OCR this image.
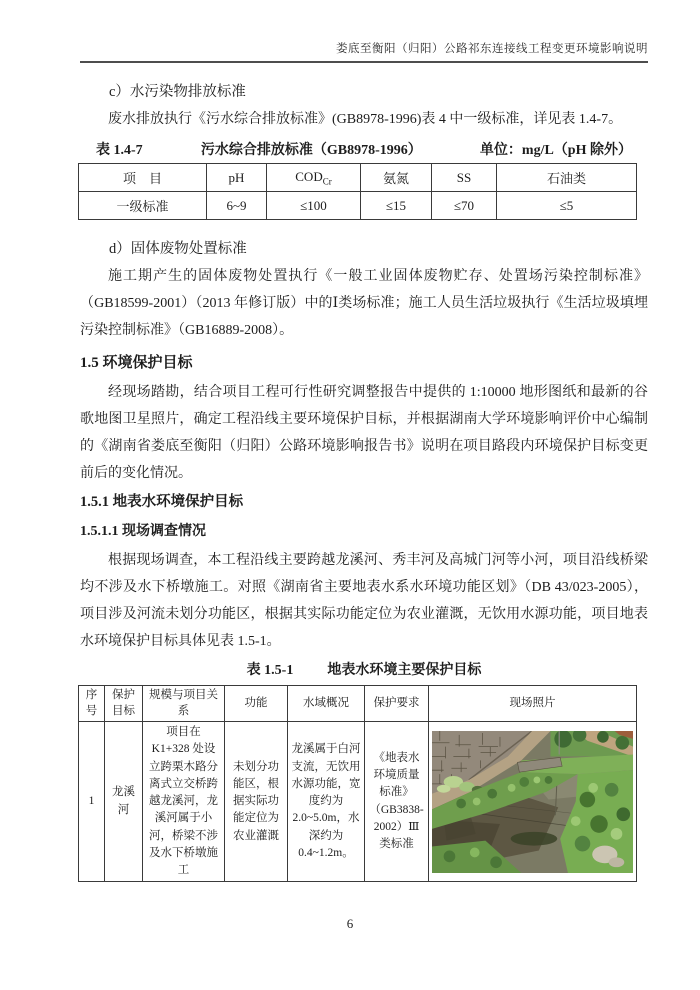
娄底至衡阳（归阳）公路祁东连接线工程变更环境影响说明

c）水污染物排放标准

废水排放执行《污水综合排放标准》(GB8978-1996)表 4 中一级标准，详见表 1.4-7。

表 1.4-7	污水综合排放标准（GB8978-1996）	单位：mg/L（pH 除外）
项　目	pH	$COD_{Cr}$	氨氮	SS	石油类
一级标准	6~9	≤100	≤15	≤70	≤5

d）固体废物处置标准

施工期产生的固体废物处置执行《一般工业固体废物贮存、处置场污染控制标准》（GB18599-2001）（2013 年修订版）中的Ⅰ类场标准；施工人员生活垃圾执行《生活垃圾填埋污染控制标准》（GB16889-2008）。

1.5 环境保护目标

经现场踏勘，结合项目工程可行性研究调整报告中提供的 1:10000 地形图纸和最新的谷歌地图卫星照片，确定工程沿线主要环境保护目标，并根据湖南大学环境影响评价中心编制的《湖南省娄底至衡阳（归阳）公路环境影响报告书》说明在项目路段内环境保护目标变更前后的变化情况。

1.5.1 地表水环境保护目标

1.5.1.1 现场调查情况

根据现场调查，本工程沿线主要跨越龙溪河、秀丰河及高城门河等小河，项目沿线桥梁均不涉及水下桥墩施工。对照《湖南省主要地表水系水环境功能区划》（DB 43/023-2005），项目涉及河流未划分功能区，根据其实际功能定位为农业灌溉，无饮用水源功能，项目地表水环境保护目标具体见表 1.5-1。

表 1.5-1 地表水环境主要保护目标
序号	保护目标	规模与项目关系	功能	水域概况	保护要求	现场照片
1	龙溪河	项目在 K1+328 处设立跨栗木路分离式立交桥跨越龙溪河，龙溪河属于小河，桥梁不涉及水下桥墩施工	未划分功能区，根据实际功能定位为农业灌溉	龙溪属于白河支流，无饮用水源功能，宽度约为 2.0~5.0m，水深约为 0.4~1.2m。	《地表水环境质量标准》（GB3838-2002）Ⅲ类标准	
6
